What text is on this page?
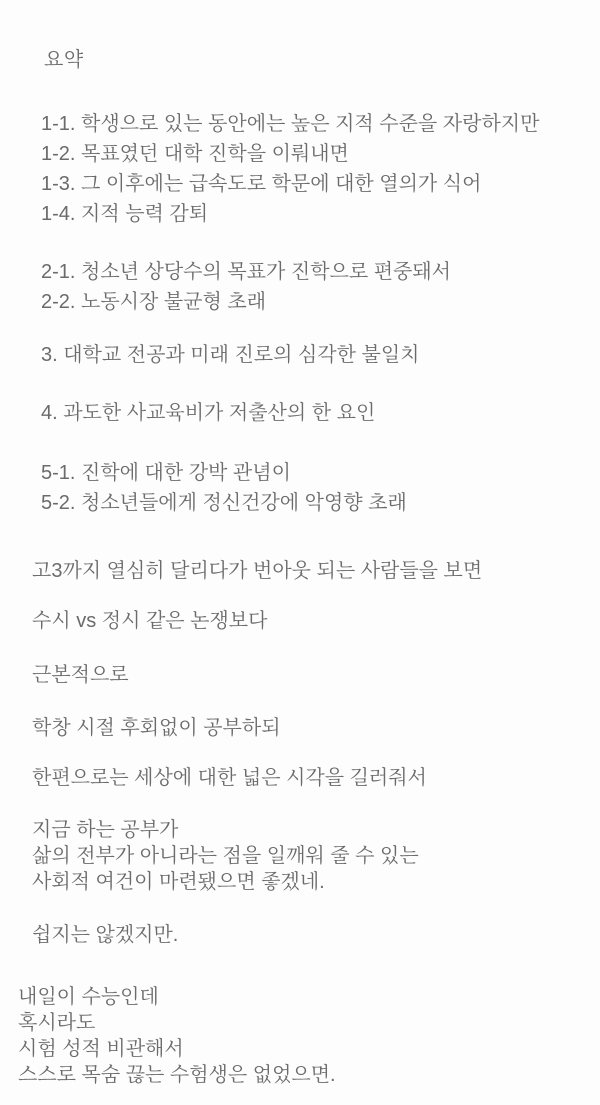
요약
1-1. 학생으로 있는 동안에는 높은 지적 수준을 자랑하지만
1-2. 목표였던 대학 진학을 이뤄내면
1-3. 그 이후에는 급속도로 학문에 대한 열의가 식어
1-4. 지적 능력 감퇴
2-1. 청소년 상당수의 목표가 진학으로 편중돼서
2-2. 노동시장 불균형 초래
3. 대학교 전공과 미래 진로의 심각한 불일치
4. 과도한 사교육비가 저출산의 한 요인
5-1. 진학에 대한 강박 관념이
5-2. 청소년들에게 정신건강에 악영향 초래
고3까지 열심히 달리다가 번아웃 되는 사람들을 보면
수시 vs 정시 같은 논쟁보다
근본적으로
학창 시절 후회없이 공부하되
한편으로는 세상에 대한 넓은 시각을 길러줘서
지금 하는 공부가
삶의 전부가 아니라는 점을 일깨워 줄 수 있는
사회적 여건이 마련됐으면 좋겠네.
쉽지는 않겠지만.
내일이 수능인데
혹시라도
시험 성적 비관해서
스스로 목숨 끊는 수험생은 없었으면.
